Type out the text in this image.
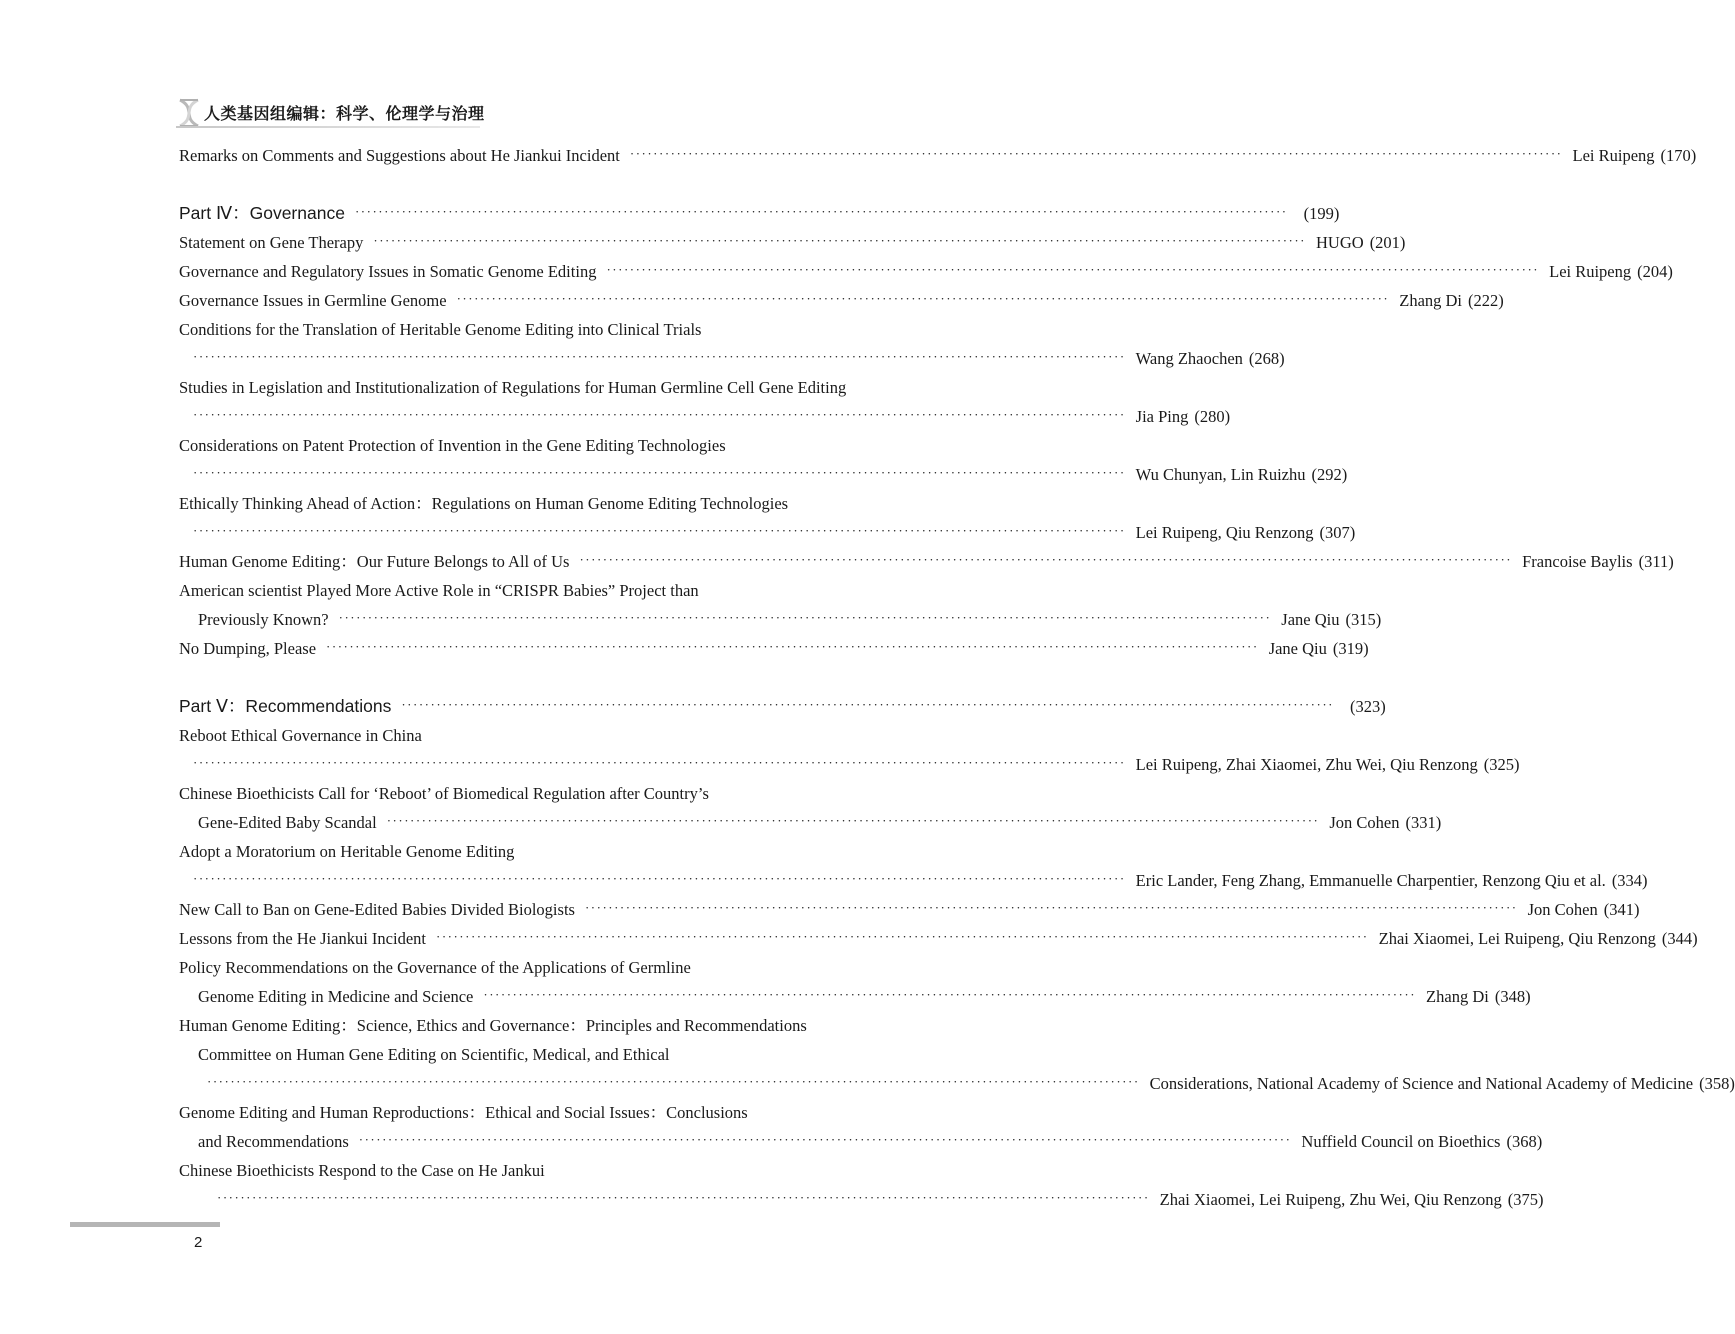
人类基因组编辑：科学、伦理学与治理
Remarks on Comments and Suggestions about He Jiankui Incident ································································································································································ Lei Ruipeng (170)
Part Ⅳ：Governance ································································································································································ (199)
Statement on Gene Therapy ································································································································································ HUGO (201)
Governance and Regulatory Issues in Somatic Genome Editing ································································································································································ Lei Ruipeng (204)
Governance Issues in Germline Genome ································································································································································ Zhang Di (222)
Conditions for the Translation of Heritable Genome Editing into Clinical Trials
································································································································································ Wang Zhaochen (268)
Studies in Legislation and Institutionalization of Regulations for Human Germline Cell Gene Editing
································································································································································ Jia Ping (280)
Considerations on Patent Protection of Invention in the Gene Editing Technologies
································································································································································ Wu Chunyan, Lin Ruizhu (292)
Ethically Thinking Ahead of Action：Regulations on Human Genome Editing Technologies
································································································································································ Lei Ruipeng, Qiu Renzong (307)
Human Genome Editing：Our Future Belongs to All of Us ································································································································································ Francoise Baylis (311)
American scientist Played More Active Role in “CRISPR Babies” Project than
Previously Known? ································································································································································ Jane Qiu (315)
No Dumping, Please ································································································································································ Jane Qiu (319)
Part Ⅴ：Recommendations ································································································································································ (323)
Reboot Ethical Governance in China
································································································································································ Lei Ruipeng, Zhai Xiaomei, Zhu Wei, Qiu Renzong (325)
Chinese Bioethicists Call for ‘Reboot’ of Biomedical Regulation after Country’s
Gene-Edited Baby Scandal ································································································································································ Jon Cohen (331)
Adopt a Moratorium on Heritable Genome Editing
································································································································································ Eric Lander, Feng Zhang, Emmanuelle Charpentier, Renzong Qiu et al. (334)
New Call to Ban on Gene-Edited Babies Divided Biologists ································································································································································ Jon Cohen (341)
Lessons from the He Jiankui Incident ································································································································································ Zhai Xiaomei, Lei Ruipeng, Qiu Renzong (344)
Policy Recommendations on the Governance of the Applications of Germline
Genome Editing in Medicine and Science ································································································································································ Zhang Di (348)
Human Genome Editing：Science, Ethics and Governance：Principles and Recommendations
Committee on Human Gene Editing on Scientific, Medical, and Ethical
································································································································································ Considerations, National Academy of Science and National Academy of Medicine (358)
Genome Editing and Human Reproductions：Ethical and Social Issues：Conclusions
and Recommendations ································································································································································ Nuffield Council on Bioethics (368)
Chinese Bioethicists Respond to the Case on He Jankui
································································································································································ Zhai Xiaomei, Lei Ruipeng, Zhu Wei, Qiu Renzong (375)
2
